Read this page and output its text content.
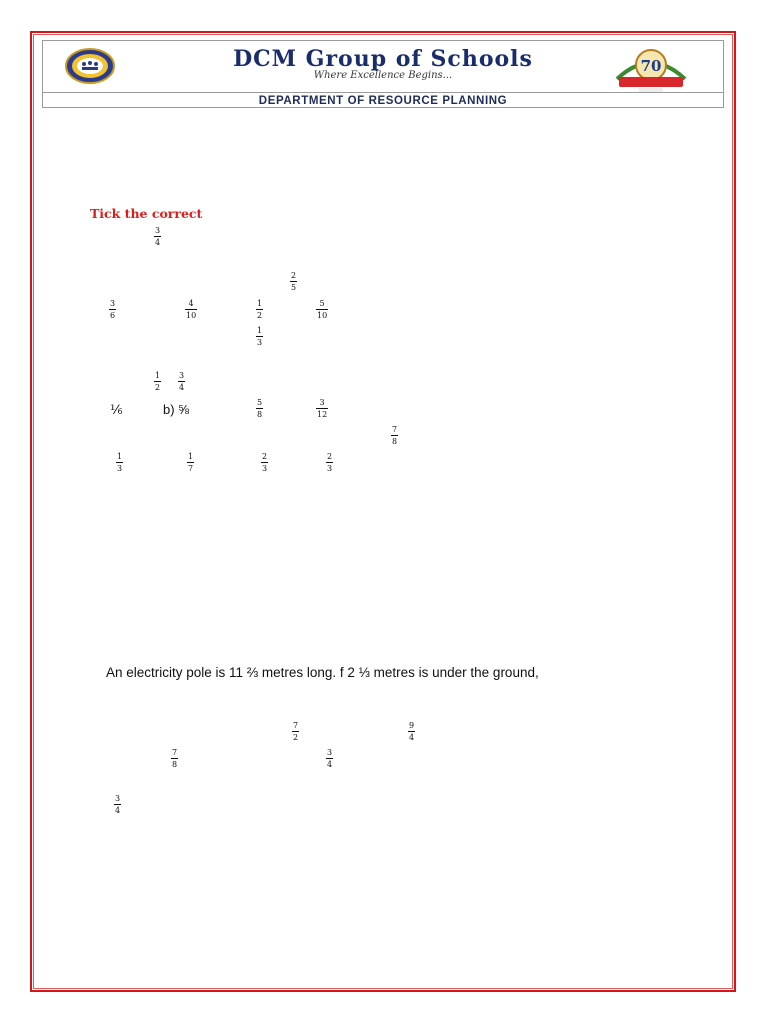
DCM Group of Schools
Where Excellence Begins...
70
DEPARTMENT OF RESOURCE PLANNING
Tick the correct
3
4
2
5
3
6
4
10
1
2
5
10
1
3
1
2
3
4
5
8
3
12
7
8
1
3
1
7
2
3
2
3
7
2
9
4
7
8
3
4
3
4
⅙	b) ⅝
An electricity pole is 11 ⅔ metres long. f 2 ⅓ metres is under the ground,
